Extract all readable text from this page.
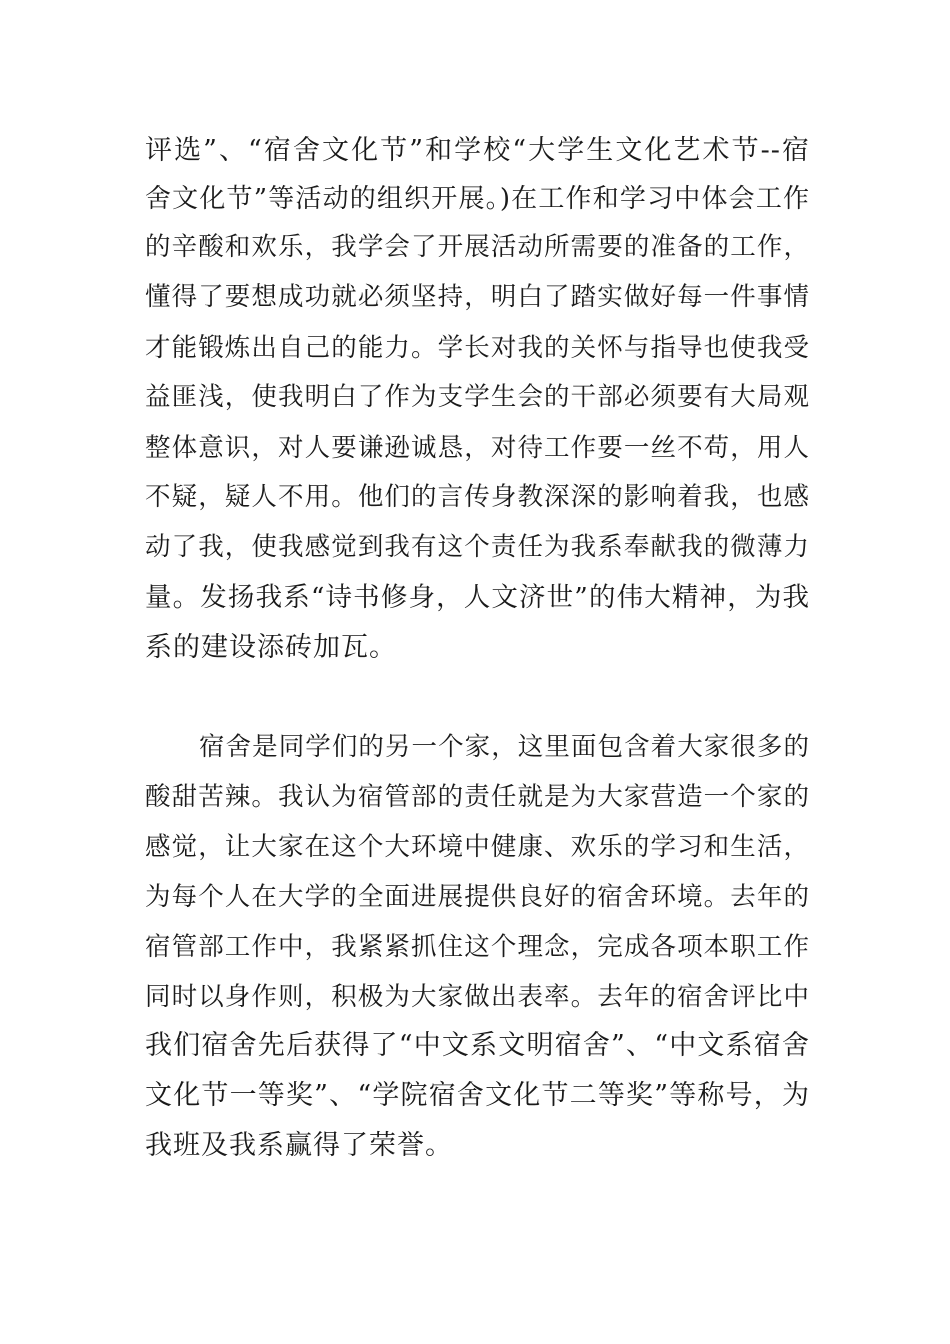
评选”、“宿舍文化节”和学校“大学生文化艺术节--宿

舍文化节”等活动的组织开展。)在工作和学习中体会工作

的辛酸和欢乐，我学会了开展活动所需要的准备的工作，

懂得了要想成功就必须坚持，明白了踏实做好每一件事情

才能锻炼出自己的能力。学长对我的关怀与指导也使我受

益匪浅，使我明白了作为支学生会的干部必须要有大局观

整体意识，对人要谦逊诚恳，对待工作要一丝不苟，用人

不疑，疑人不用。他们的言传身教深深的影响着我，也感

动了我，使我感觉到我有这个责任为我系奉献我的微薄力

量。发扬我系“诗书修身，人文济世”的伟大精神，为我

系的建设添砖加瓦。

宿舍是同学们的另一个家，这里面包含着大家很多的

酸甜苦辣。我认为宿管部的责任就是为大家营造一个家的

感觉，让大家在这个大环境中健康、欢乐的学习和生活，

为每个人在大学的全面进展提供良好的宿舍环境。去年的

宿管部工作中，我紧紧抓住这个理念，完成各项本职工作

同时以身作则，积极为大家做出表率。去年的宿舍评比中

我们宿舍先后获得了“中文系文明宿舍”、“中文系宿舍

文化节一等奖”、“学院宿舍文化节二等奖”等称号，为

我班及我系赢得了荣誉。
